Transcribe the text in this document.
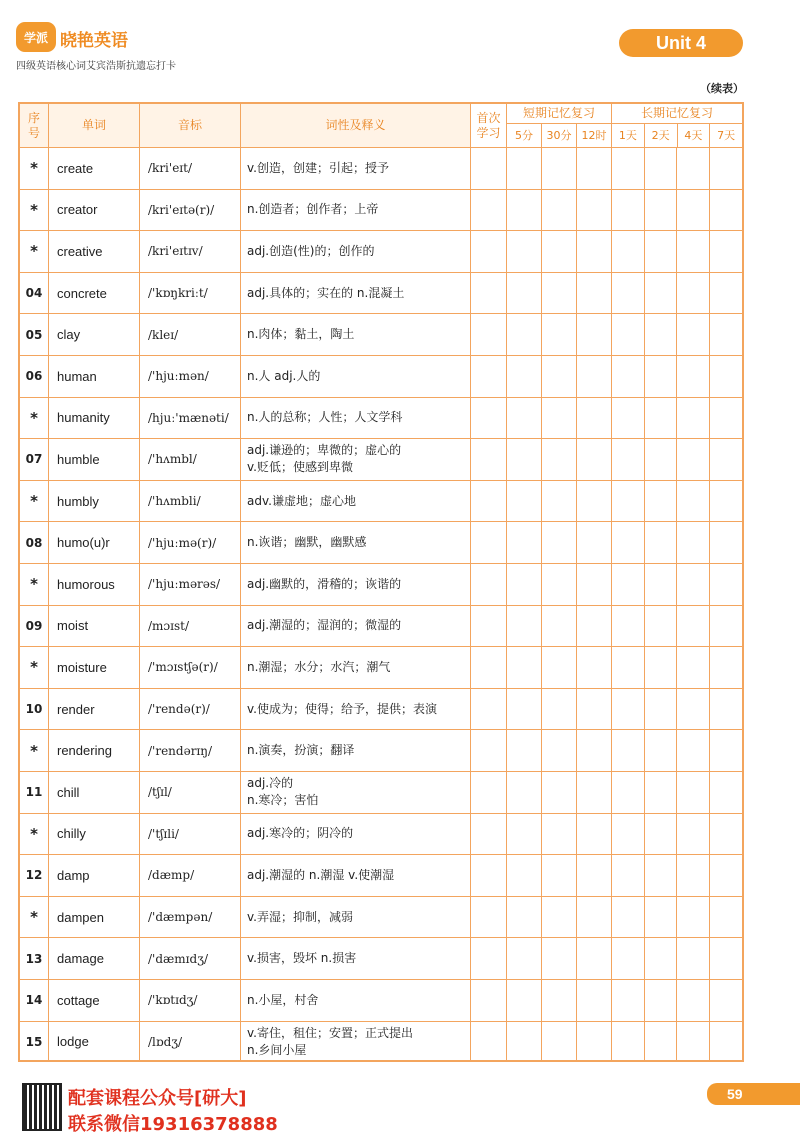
学派 晓艳英语
四级英语核心词艾宾浩斯抗遗忘打卡
Unit 4
（续表）
序号
单词	音标	词性及释义
首次
学习
短期记忆复习
5分	30分 12时
长期记忆复习
1天	2天	4天	7天
* create	/kri'eɪt/	v.创造，创建；引起；授予
* creator	/kri'eɪtə(r)/	n.创造者；创作者；上帝
* creative	/kri'eɪtɪv/	adj.创造(性)的；创作的
04 concrete	/'kɒŋkriːt/	adj.具体的；实在的 n.混凝土
05 clay	/kleɪ/	n.肉体；黏土，陶土
06 human	/'hjuːmən/	n.人 adj.人的
* humanity	/hjuː'mænəti/ n.人的总称；人性；人文学科
07 humble	/'hʌmbl/
adj.谦逊的；卑微的；虚心的
v.贬低；使感到卑微
* humbly	/'hʌmbli/	adv.谦虚地；虚心地
08 humo(u)r	/'hjuːmə(r)/	n.诙谐；幽默，幽默感
* humorous	/'hjuːmərəs/ adj.幽默的，滑稽的；诙谐的
09 moist	/mɔɪst/	adj.潮湿的；湿润的；微湿的
* moisture	/'mɔɪstʃə(r)/ n.潮湿；水分；水汽；潮气
10 render	/'rendə(r)/	v.使成为；使得；给予，提供；表演
* rendering	/'rendərɪŋ/	n.演奏，扮演；翻译
11 chill	/tʃɪl/
adj.冷的
n.寒冷；害怕
* chilly	/'tʃɪli/	adj.寒冷的；阴冷的
12 damp	/dæmp/	adj.潮湿的 n.潮湿 v.使潮湿
* dampen	/'dæmpən/	v.弄湿；抑制，减弱
13 damage	/'dæmɪdʒ/	v.损害，毁坏 n.损害
14 cottage	/'kɒtɪdʒ/	n.小屋，村舍
15 lodge	/lɒdʒ/
v.寄住，租住；安置；正式提出
n.乡间小屋
配套课程公众号[研大]
联系微信19316378888
59
